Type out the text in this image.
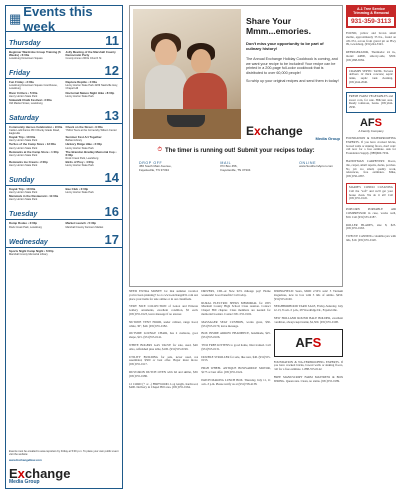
▦ Events this week
Thursday	11
Beginner Wardrobe Group Training (6 Weeks) • 6:00a
Lewisburg Downtown Square
Jolly Meeting of the Marshall County Democratic Party
County Annex 200 E Church St
Friday	12
Fun Friday • 3:00a
Lewisburg Downtown Square Courthouse, Lewisburg
Rapture Reptile • 4:00a
Henry Horton State Park 4209 Nashville Hwy, Chapel Hill
River Critters • 5:00a
Henry Horton State Park
Nocturnal Nature Night Hike • 8:00p
Henry Horton State Park
Sidewalk Chalk Festival • 3:00a
Old Market Street, Lewisburg
Saturday	13
Community Heroes Celebration • 9:00a
Cattle Lodd Farms 95 N Rocky Glade Road, Eagleville
Check on the Street • 9:00a
YMCA Tours at the Cornersby Wilson Center
Kayak Trip • 10:00a
Henry Horton State Park
Summer Fest Art Together
Belfast Library
Turtles of the Camp Store • 12:00a
Henry Horton State Park
Hickory Ridge Hike • 2:00p
Henry Horton State Park
Remnants at the Camp Store • 1:00p
Henry Horton State Park
The Brandon Bradley Memorial Cup • 6:00p
Rock Creek Park, Lewisburg
Remnants Ice Cream • 2:00p
Henry Horton State Park
Birds of Prey • 4:00p
Henry Horton State Park
Sunday	14
Kayak Trip • 10:00a
Henry Horton State Park
Bee Club • 2:00p
Henry Horton State Park
Mammals in the Restaurant • 11:00a
Henry Horton State Park
Tuesday	16
Dump Rodeo • 2:00p
Rock Creek Park, Lewisburg
Market Launch • 5:30p
Marshall County Farmers Market
Wednesday	17
Sports Night Camp Night • 6:00p
Marshall County Memorial Library
Events must be emailed to area reporters by Friday at 5:00 p.m. To place your own public event visit the website:
www.ExchangeNow.com
Exchange
Media Group
Share Your Mmm...emories.
Don't miss your opportunity to be part of culinary history!
The Annual Exchange Holiday Cookbook is coming, and we want your recipe to be included! Your recipe can be printed in a 200-page full-color cookbook that is distributed to over 60,000 people!
So whip up your original recipes and send them in today!
Exchange
Media Group
⏱ The timer is running out! Submit your recipes today:
DROP OFF
456 South Main Avenue,
Fayetteville, TN 37334
MAIL
PO Box 456,
Fayetteville, TN 37334
ONLINE
www.SouthernApron.com
NEED EXTRA MONEY for that summer vacation you've been planning? Go to www.exchange931.com and place your items for sale online or in our classifieds.
VERY NICE COLLECTION of Lenox and Princess Gallery ornaments, excellent condition, $5 each. (931)555-0123, leave message if no answer.
NUTONE VENT HOOD, under cabinet, range hood, white, 30", $40. (931)555-0182.
OUTSIDE LOUNGE CHAIR, has 2 cushions, good shape, $15. (931)555-0141.
WHITE BOGERS GAS VALVE for sale, used, $40. Also, refinished pine table, $100. (931)555-0199.
UTILITY BUILDING for sale, never used, not assembled, $500 or best offer. Buyer must move. (931)555-0117.
DUST-IRON DUTCH OVEN with lid and skillet, $30. (931)555-0186.
12 CORD (+ or -) FIREWOOD. Log length, hardwood, $400. Delivery in Chapel Hill area. (931)555-0164.
DRIVERS, CDL-A: New 92% mileage pay! Home weekends! Good benefits! Call today.
RURAL ELECTRIC SEEKS MEMORIAL for 1955 Marshall County High School Class reunion. Contact Chapel Hill chapter. Class members are needed for memorial booklet. Contact 931-555-0102.
MASSAGER SEAT CUSHION, works great, $30. (931)555-0179, leave message.
BOX INSIDE ARROW HEADPIECE, handmade, $25. (931)555-0106.
TWO FREE KITTENS to good home, litter trained. Call (931)555-0131.
DOUBLE STROLLER for sale, like new, $40. (931)555-0153.
HIGH WHEEL ANTIQUE BOWSADDLE MOTOR, $175 or best offer. (931)555-0124.
PATCH MAKING LUNCH BOX. Thursday, July 11, 11 a.m.-3 p.m. Please notify us at (931)728-4138.
SPRINGFIELD: Sears, MOD 2.50% sale! 3 Vietnam magazines, new in box with 3 lids of ammo. $450. (931)555-0160.
NEIGHBORHOOD YARD SALE, Friday-Saturday, July 12-13, 8 a.m.-5 p.m., 28 Woodridge Dr., Fayetteville.
NEW HOLLAND ROUND BALE BOLDER, excellent condition, always kept inside, $2,500. (931)555-0108.
AF S
FOUNDATION & WA-TERPROOFING EXPERTS. If you have cracked bricks, bowed walls or sinking floors, call for a free estimate. 1-888-555-0142.
FREE MANUSCRIPT FARM MATTRESS & BOX SPRING. Queen size. Clean, no stains. (931)555-0189.
A-1 Tree Service
Trimming & Removal
931-359-3113
FOUND, yellow and brown small sheltie, approximately 35 lbs., found on 431/231, across from gravel pit on Hwy 99, Lewisburg. (931)244-5343.
REFRIGERATOR, Thermador 24 in., model 44800, side-by-side, $300. (931)368-6584.
CRAMPS SEPTIC TANK. Stevens delivers 12 thick concrete; septic tanks, septic tank cleaning. (931)244-2046.
FRESH FARM VEGETABLES and sweet corn, for sale. Hillcrest area. Ready tomatoes, beans. (931)244-2930.
AFS
A Family Company
FOUNDATION & WATERPROOFING EXPERTS. If you have cracked bricks, bowed walls or sinking floors, don't wait: call now for a free estimate. Ask for Foundation Supply. (888)660-7034.
HANDYMAN CARPENTRY. Doors, tile, carpet, small repairs, decks, porches. No job too small, quality work, references, free estimates. Mike, (931)556-4367.
MARIE'S CONDO CLEANING Call the "soft" and we'll get your house clean. We do it all! Call (931)555-0145.
POPCORN PORTABLE AIR COMPRESSOR in case, works well, $50. Call (931)555-0187.
ROLLER BLADES, size 8, $25. (931)555-0163.
TWELVE CANNING columbia jars with lids, $10. (931)555-0120.
